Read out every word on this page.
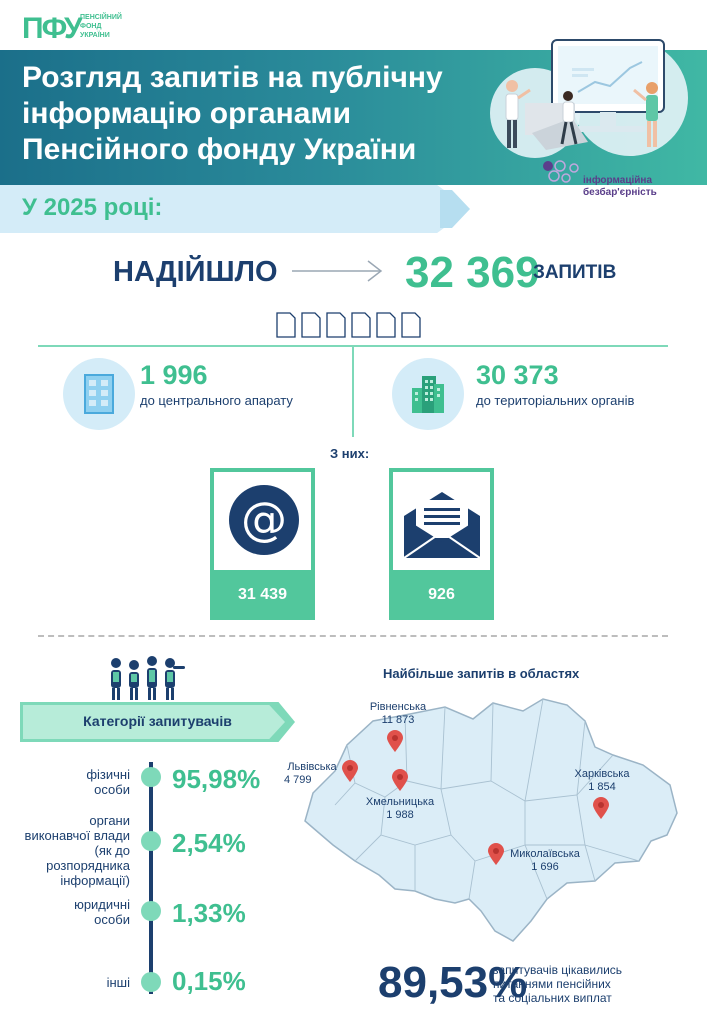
ПФУ ПЕНСІЙНИЙ
ФОНД
УКРАЇНИ
Розгляд запитів на публічну
інформацію органами
Пенсійного фонду України
інформаційна
безбар'єрність
У 2025 році:
НАДІЙШЛО	32 369
ЗАПИТІВ
1 996
до центрального апарату
30 373
до територіальних органів
З них:
@
31 439	926
Категорії запитувачів
фізичні
особи 95,98%
органи
виконавчої влади
(як до розпорядника
інформації)
2,54%
юридичні
особи 1,33%
інші 0,15%
Найбільше запитів в областях
Рівненська
11 873
Львівська
4 799
Хмельницька
1 988
Харківська
1 854
Миколаївська
1 696
89,53%
запитувачів цікавились
питаннями пенсійних
та соціальних виплат
